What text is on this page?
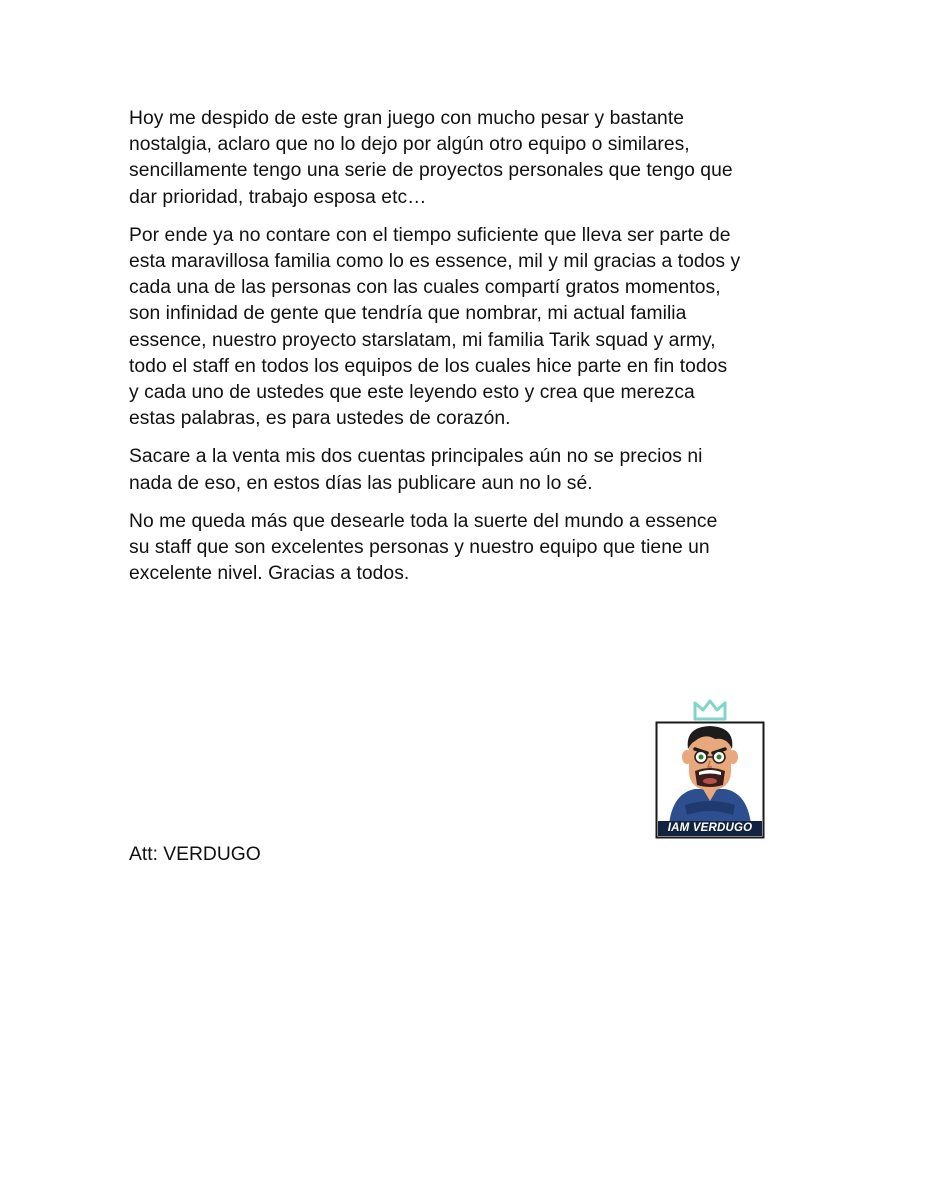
Hoy me despido de este gran juego con mucho pesar y bastante
nostalgia, aclaro que no lo dejo por algún otro equipo o similares,
sencillamente tengo una serie de proyectos personales que tengo que
dar prioridad, trabajo esposa etc…

Por ende ya no contare con el tiempo suficiente que lleva ser parte de
esta maravillosa familia como lo es essence, mil y mil gracias a todos y
cada una de las personas con las cuales compartí gratos momentos,
son infinidad de gente que tendría que nombrar, mi actual familia
essence, nuestro proyecto starslatam, mi familia Tarik squad y army,
todo el staff en todos los equipos de los cuales hice parte en fin todos
y cada uno de ustedes que este leyendo esto y crea que merezca
estas palabras, es para ustedes de corazón.

Sacare a la venta mis dos cuentas principales aún no se precios ni
nada de eso, en estos días las publicare aun no lo sé.

No me queda más que desearle toda la suerte del mundo a essence
su staff que son excelentes personas y nuestro equipo que tiene un
excelente nivel. Gracias a todos.

IAM VERDUGO
Att: VERDUGO
